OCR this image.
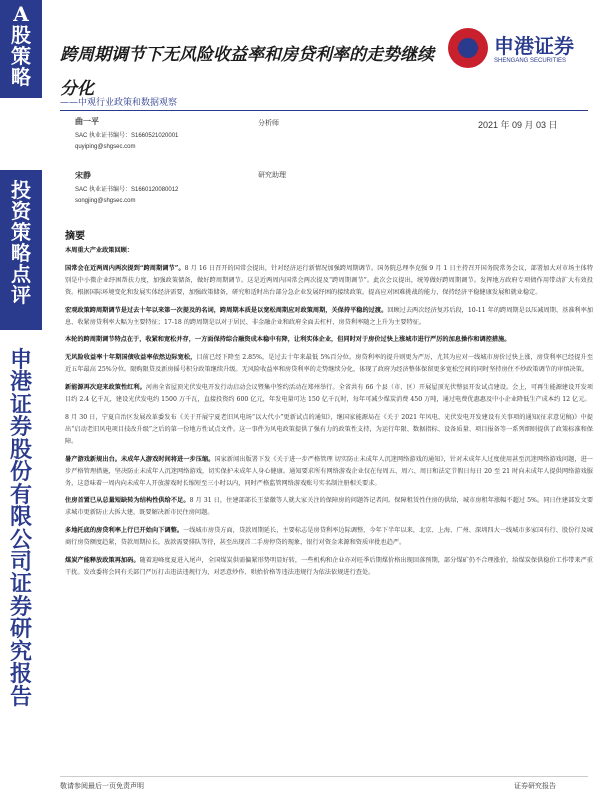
A
股
策
略
投
资
策
略
点
评
申
港
证
券
股
份
有
限
公
司
证
券
研
究
报
告
跨周期调节下无风险收益率和房贷利率的走势继续分化
——中观行业政策和数据观察
申港证券
SHENGANG SECURITIES
曲一平
SAC 执业证书编号：S1660521020001
quyiping@shgsec.com
分析师	2021 年 09 月 03 日
宋静
SAC 执业证书编号：S1660120080012
songjing@shgsec.com
研究助理
摘要

本周重大产业政策回顾：

国常会在近两周内两次提到“跨周期调节”。8 月 16 日召开的国常会提出，针对经济运行新情况加强跨周期调节。国务院总理李克强 9 月 1 日主持召开国务院常务会议，部署加大对市场主体特别是中小微企业纾困帮扶力度，加强政策储备，做好跨周期调节。这是近两周内国常会两次提及“跨周期调节”。此次会议提出，统筹做好跨周期调节。发挥地方政府专项债作用带动扩大有效投资。根据国际环境变化和发展实体经济需要，加强政策储备，研究和适时出台部分急企业发展纾困的接续政策。提高应对困难挑战的能力，保持经济平稳健康发展和就业稳定。

宏观政策跨周期调节是过去十年以来第一次提及的名词，跨周期本质是以宽松周期应对政策周期，关保持平稳的过渡。回顾过去两次经济复苏后段，10-11 年的跨周期是以压减周期、基准利率加息、收紧房贷利率大幅为主要特征；17-18 的跨周期是以对于居民、非金融企业和政府全面去杠杆，房贷利率随之上升为主要特征。

本轮的跨周期调节特点在于，收紧和宽松并存，一方面保持综合融资成本稳中有降，让利实体企业，但同时对于房价过快上涨城市进行严厉的加息操作和调控措施。

无风险收益率十年期国债收益率依然边际宽松，目前已经下降至 2.85%，是过去十年来最低 5%百分位。房贷利率的提升则更为严厉，尤其为应对一线城市房价过快上涨，房贷利率已经提升至近五年最高 25%分位。限购限贷及新房摇号积分政策继续升级。无风险收益率和房贷利率的走势继续分化，体现了政府为经济整体保留更多宽松空间的同时坚持房住不炒政策调节的审慎决策。

新能源再次迎来政策性红利。河南全省屋顶光伏发电开发行动启动会议暨集中签约活动在郑州举行。全省共有 66 个县（市、区）开展屋顶光伏整县开发试点建设。会上，可再生能源建设开发项目约 2.4 亿千瓦，建设光伏发电约 1500 万千瓦，直接投资约 600 亿元，年发电量可达 150 亿千瓦时，每年可减少煤炭消费 450 万吨，通过电费优惠惠及中小企业降低生产成本约 12 亿元。

8 月 30 日，宁夏自治区发展改革委发布《关于开展宁夏老旧风电场“以大代小”更新试点的通知》，继国家能源局在《关于 2021 年风电、光伏发电开发建设有关事项的通知(征求意见稿)》中提出“启动老旧风电项目技改升级”之后的第一份地方性试点文件。这一事件为风电政策提供了强有力的政策性支持，为运行年限、数据指标、设备质量、项目报备等一系列细则提供了政策标准和保障。

暑产游戏新规出台。未成年人游戏时间将进一步压缩。国家新闻出版署下发《关于进一步严格管理 切实防止未成年人沉迷网络游戏的通知》，针对未成年人过度使用甚至沉迷网络游戏问题，进一步严格管理措施，坚决防止未成年人沉迷网络游戏，切实保护未成年人身心健康。通知要求所有网络游戏企业仅在每周五、周六、周日和法定节假日每日 20 至 21 时向未成年人提供网络游戏服务，这意味着一周内向未成年人开放游戏时长缩短至三小时以内，同时严格监管网络游戏账号实名制注册相关要求。

住房首置已从总量短缺转为结构性供给不足。8 月 31 日，住建部部长王蒙徽等人就大家关注的保障房的问题答记者问。保障租赁性住房的供给，城市房租年涨幅不超过 5%。同日住建部发文要求城市更新防止大拆大建，既要解决新市民住房问题。

多地托底的房贷利率上行已开始向下调整。一线城市房贷方面，贷款周期延长，主要标志是房贷利率边际调整，今年下半年以来，北京、上海、广州、深圳四大一线城市多家国有行、股份行及城商行房贷额度趋紧，贷款周期拉长。放款需要排队等待，甚至出现首二手房停贷的现象，银行对资金来源和资质审批也趋严。

煤炭产能释放政策再加码。随着迎峰度夏进入尾声，全国煤炭供需偏紧形势明显好转，一些机构和企业亦对旺季后期煤价格出现回落预期，部分煤矿仍不合理涨价，给煤炭保供稳价工作带来严重干扰。发改委将会同有关部门严厉打击违法违规行为，对恶意炒作、哄抬价格等违法违规行为依法依规进行查处。

敬请参阅最后一页免责声明	证券研究报告
